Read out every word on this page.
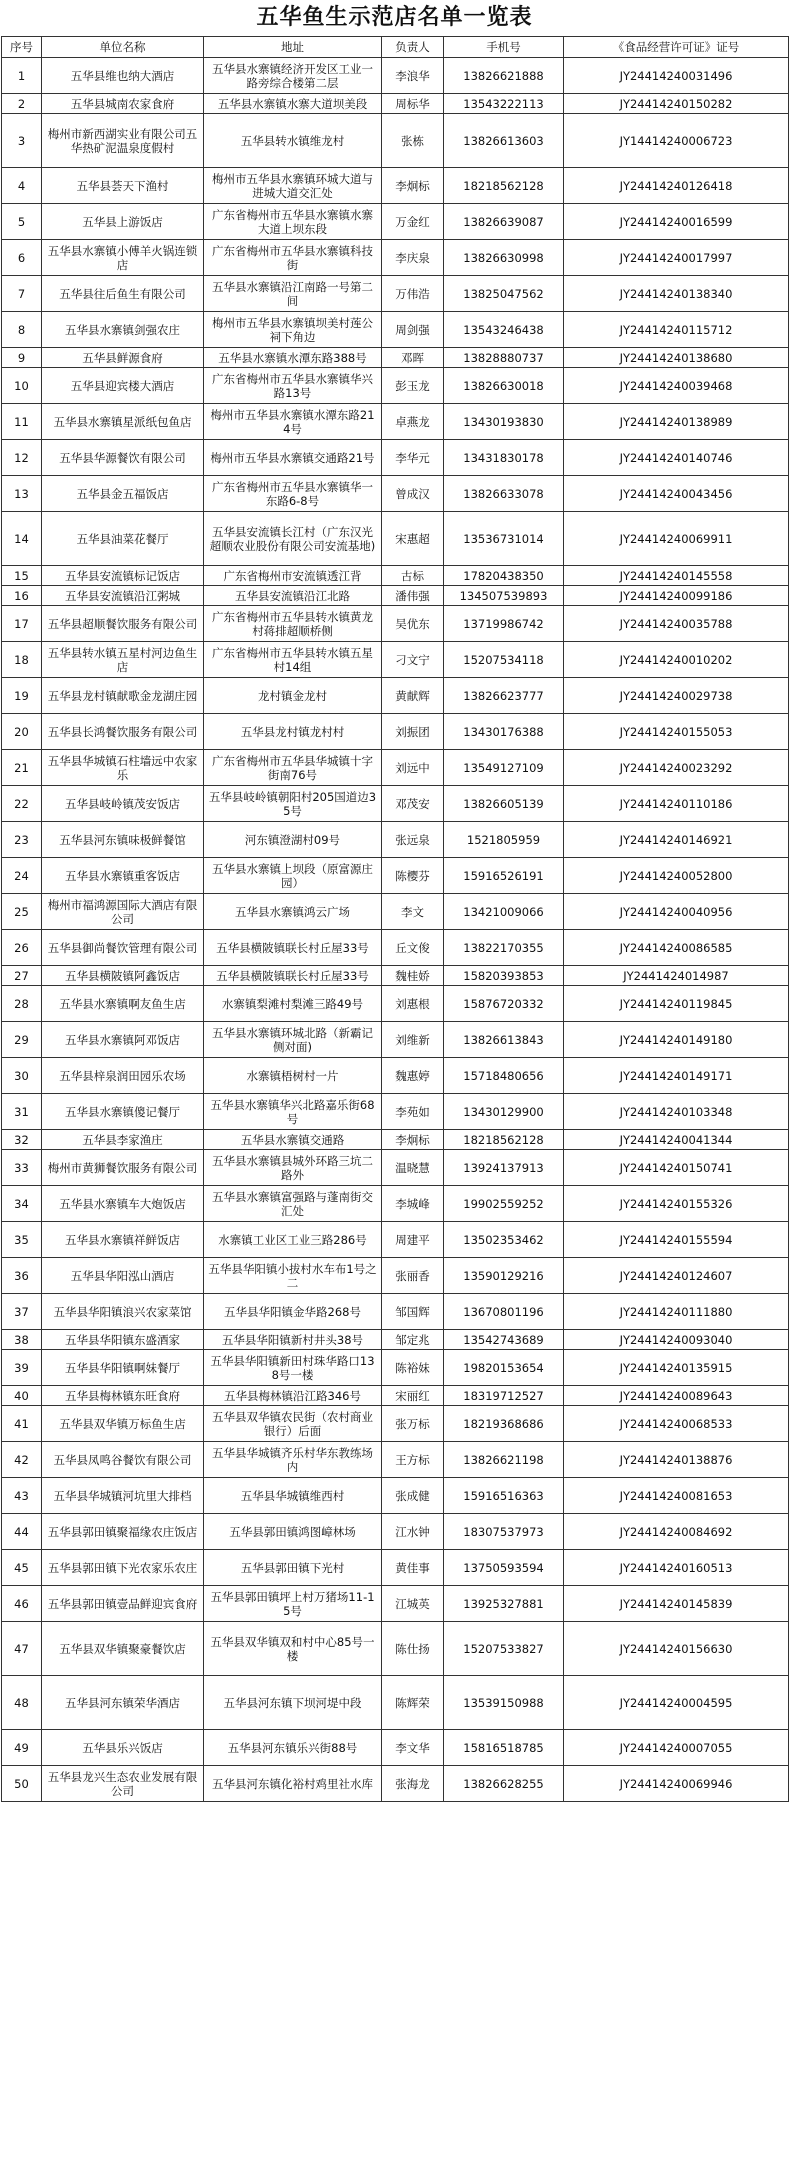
五华鱼生示范店名单一览表
序号	单位名称	地址	负责人	手机号	《食品经营许可证》证号
1	五华县维也纳大酒店	五华县水寨镇经济开发区工业一路旁综合楼第二层	李浪华	13826621888	JY24414240031496
2	五华县城南农家食府	五华县水寨镇水寨大道坝美段	周标华	13543222113	JY24414240150282
3	梅州市新西湖实业有限公司五华热矿泥温泉度假村	五华县转水镇维龙村	张栋	13826613603	JY14414240006723
4	五华县荟天下渔村	梅州市五华县水寨镇环城大道与进城大道交汇处	李炯标	18218562128	JY24414240126418
5	五华县上游饭店	广东省梅州市五华县水寨镇水寨大道上坝东段	万金红	13826639087	JY24414240016599
6	五华县水寨镇小傅羊火锅连锁店	广东省梅州市五华县水寨镇科技街	李庆泉	13826630998	JY24414240017997
7	五华县往后鱼生有限公司	五华县水寨镇沿江南路一号第二间	万伟浩	13825047562	JY24414240138340
8	五华县水寨镇剑强农庄	梅州市五华县水寨镇坝美村莲公祠下角边	周剑强	13543246438	JY24414240115712
9	五华县鲜源食府	五华县水寨镇水潭东路388号	邓晖	13828880737	JY24414240138680
10	五华县迎宾楼大酒店	广东省梅州市五华县水寨镇华兴路13号	彭玉龙	13826630018	JY24414240039468
11	五华县水寨镇星派纸包鱼店	梅州市五华县水寨镇水潭东路214号	卓燕龙	13430193830	JY24414240138989
12	五华县华源餐饮有限公司	梅州市五华县水寨镇交通路21号	李华元	13431830178	JY24414240140746
13	五华县金五福饭店	广东省梅州市五华县水寨镇华一东路6-8号	曾成汉	13826633078	JY24414240043456
14	五华县油菜花餐厅	五华县安流镇长江村（广东汉光超顺农业股份有限公司安流基地)	宋惠超	13536731014	JY24414240069911
15	五华县安流镇标记饭店	广东省梅州市安流镇透江背	古标	17820438350	JY24414240145558
16	五华县安流镇沿江粥城	五华县安流镇沿江北路	潘伟强	134507539893	JY24414240099186
17	五华县超顺餐饮服务有限公司	广东省梅州市五华县转水镇黄龙村蒋排超顺桥侧	吴优东	13719986742	JY24414240035788
18	五华县转水镇五星村河边鱼生店	广东省梅州市五华县转水镇五星村14组	刁文宁	15207534118	JY24414240010202
19	五华县龙村镇献歌金龙湖庄园	龙村镇金龙村	黄献辉	13826623777	JY24414240029738
20	五华县长鸿餐饮服务有限公司	五华县龙村镇龙村村	刘振团	13430176388	JY24414240155053
21	五华县华城镇石柱墙远中农家乐	广东省梅州市五华县华城镇十字街南76号	刘远中	13549127109	JY24414240023292
22	五华县岐岭镇茂安饭店	五华县岐岭镇朝阳村205国道边35号	邓茂安	13826605139	JY24414240110186
23	五华县河东镇味极鲜餐馆	河东镇澄湖村09号	张远泉	1521805959	JY24414240146921
24	五华县水寨镇重客饭店	五华县水寨镇上坝段（原富源庄园）	陈樱芬	15916526191	JY24414240052800
25	梅州市福鸿源国际大酒店有限公司	五华县水寨镇鸿云广场	李文	13421009066	JY24414240040956
26	五华县御尚餐饮管理有限公司	五华县横陂镇联长村丘屋33号	丘文俊	13822170355	JY24414240086585
27	五华县横陂镇阿鑫饭店	五华县横陂镇联长村丘屋33号	魏桂娇	15820393853	JY2441424014987
28	五华县水寨镇啊友鱼生店	水寨镇梨滩村梨滩三路49号	刘惠根	15876720332	JY24414240119845
29	五华县水寨镇阿邓饭店	五华县水寨镇环城北路（新霸记侧对面)	刘维新	13826613843	JY24414240149180
30	五华县梓泉润田园乐农场	水寨镇梧树村一片	魏惠婷	15718480656	JY24414240149171
31	五华县水寨镇傻记餐厅	五华县水寨镇华兴北路嘉乐街68号	李苑如	13430129900	JY24414240103348
32	五华县李家渔庄	五华县水寨镇交通路	李炯标	18218562128	JY24414240041344
33	梅州市黄狮餐饮服务有限公司	五华县水寨镇县城外环路三坑二路外	温晓慧	13924137913	JY24414240150741
34	五华县水寨镇车大炮饭店	五华县水寨镇富强路与蓬南街交汇处	李城峰	19902559252	JY24414240155326
35	五华县水寨镇祥鲜饭店	水寨镇工业区工业三路286号	周建平	13502353462	JY24414240155594
36	五华县华阳泓山酒店	五华县华阳镇小拔村水车布1号之二	张丽香	13590129216	JY24414240124607
37	五华县华阳镇浪兴农家菜馆	五华县华阳镇金华路268号	邹国辉	13670801196	JY24414240111880
38	五华县华阳镇东盛酒家	五华县华阳镇新村井头38号	邹定兆	13542743689	JY24414240093040
39	五华县华阳镇啊妹餐厅	五华县华阳镇新田村珠华路口138号一楼	陈裕妹	19820153654	JY24414240135915
40	五华县梅林镇东旺食府	五华县梅林镇沿江路346号	宋丽红	18319712527	JY24414240089643
41	五华县双华镇万标鱼生店	五华县双华镇农民街（农村商业银行）后面	张万标	18219368686	JY24414240068533
42	五华县凤鸣谷餐饮有限公司	五华县华城镇齐乐村华东教练场内	王方标	13826621198	JY24414240138876
43	五华县华城镇河坑里大排档	五华县华城镇维西村	张成健	15916516363	JY24414240081653
44	五华县郭田镇聚福缘农庄饭店	五华县郭田镇鸿图嶂林场	江水钟	18307537973	JY24414240084692
45	五华县郭田镇下光农家乐农庄	五华县郭田镇下光村	黄佳事	13750593594	JY24414240160513
46	五华县郭田镇壹品鲜迎宾食府	五华县郭田镇坪上村万猪场11-15号	江城英	13925327881	JY24414240145839
47	五华县双华镇聚豪餐饮店	五华县双华镇双和村中心85号一楼	陈仕扬	15207533827	JY24414240156630
48	五华县河东镇荣华酒店	五华县河东镇下坝河堤中段	陈辉荣	13539150988	JY24414240004595
49	五华县乐兴饭店	五华县河东镇乐兴街88号	李文华	15816518785	JY24414240007055
50	五华县龙兴生态农业发展有限公司	五华县河东镇化裕村鸡里社水库	张海龙	13826628255	JY24414240069946
